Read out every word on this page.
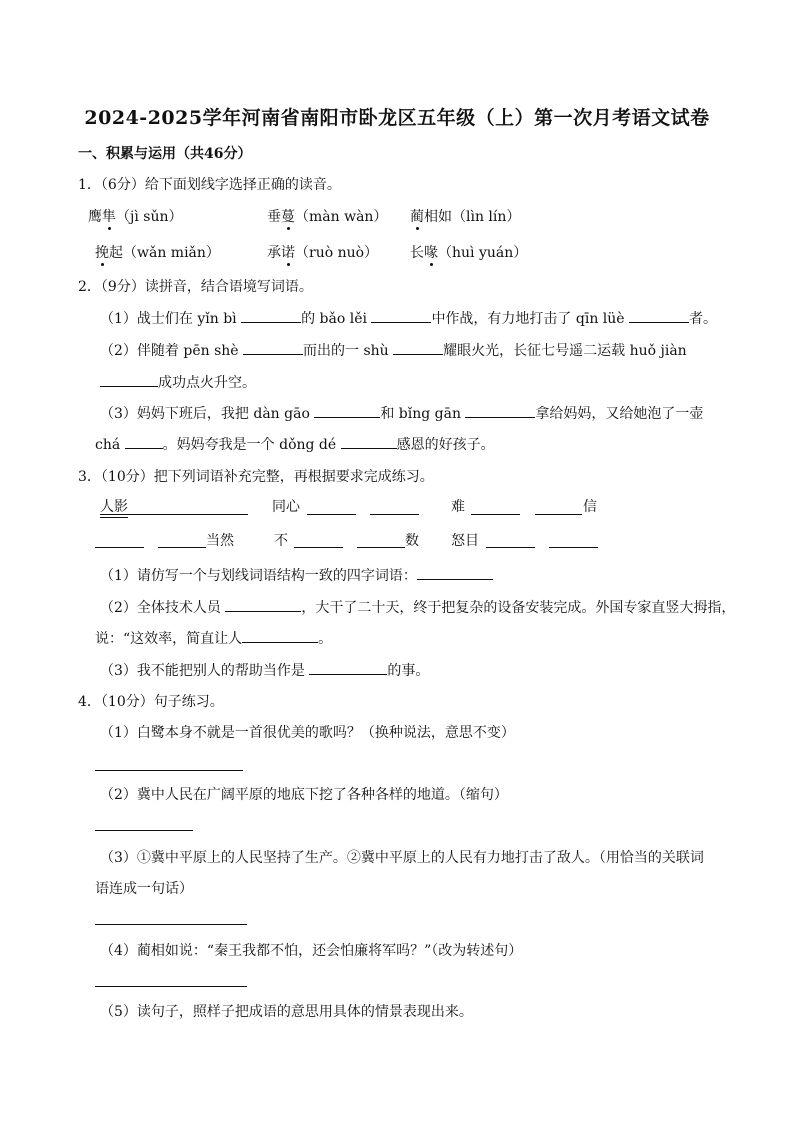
2024-2025学年河南省南阳市卧龙区五年级（上）第一次月考语文试卷
一、积累与运用（共46分）
1．（6分）给下面划线字选择正确的读音。
鹰隼（jì sǔn）	垂蔓（màn wàn） 蔺相如（lìn lín）
挽起（wǎn miǎn）	承诺（ruò nuò） 长喙（huì yuán）
2．（9分）读拼音，结合语境写词语。
（1）战士们在 yǐn bì	的 bǎo lěi	中作战，有力地打击了 qīn lüè	者。
（2）伴随着 pēn shè	而出的一 shù	耀眼火光，长征七号遥二运载 huǒ jiàn
成功点火升空。
（3）妈妈下班后，我把 dàn gāo	和 bǐng gān	拿给妈妈，又给她泡了一壶
chá	。妈妈夸我是一个 dǒng dé	感恩的好孩子。
3．（10分）把下列词语补充完整，再根据要求完成练习。
人影	同心	难	信
当然	不	数 怒目
（1）请仿写一个与划线词语结构一致的四字词语：
（2）全体技术人员	，大干了二十天，终于把复杂的设备安装完成。外国专家直竖大拇指，
说：“这效率，简直让人	。
（3）我不能把别人的帮助当作是	的事。
4．（10分）句子练习。
（1）白鹭本身不就是一首很优美的歌吗？（换种说法，意思不变）
（2）冀中人民在广阔平原的地底下挖了各种各样的地道。（缩句）
（3）①冀中平原上的人民坚持了生产。②冀中平原上的人民有力地打击了敌人。（用恰当的关联词
语连成一句话）
（4）蔺相如说：“秦王我都不怕，还会怕廉将军吗？”（改为转述句）
（5）读句子，照样子把成语的意思用具体的情景表现出来。
